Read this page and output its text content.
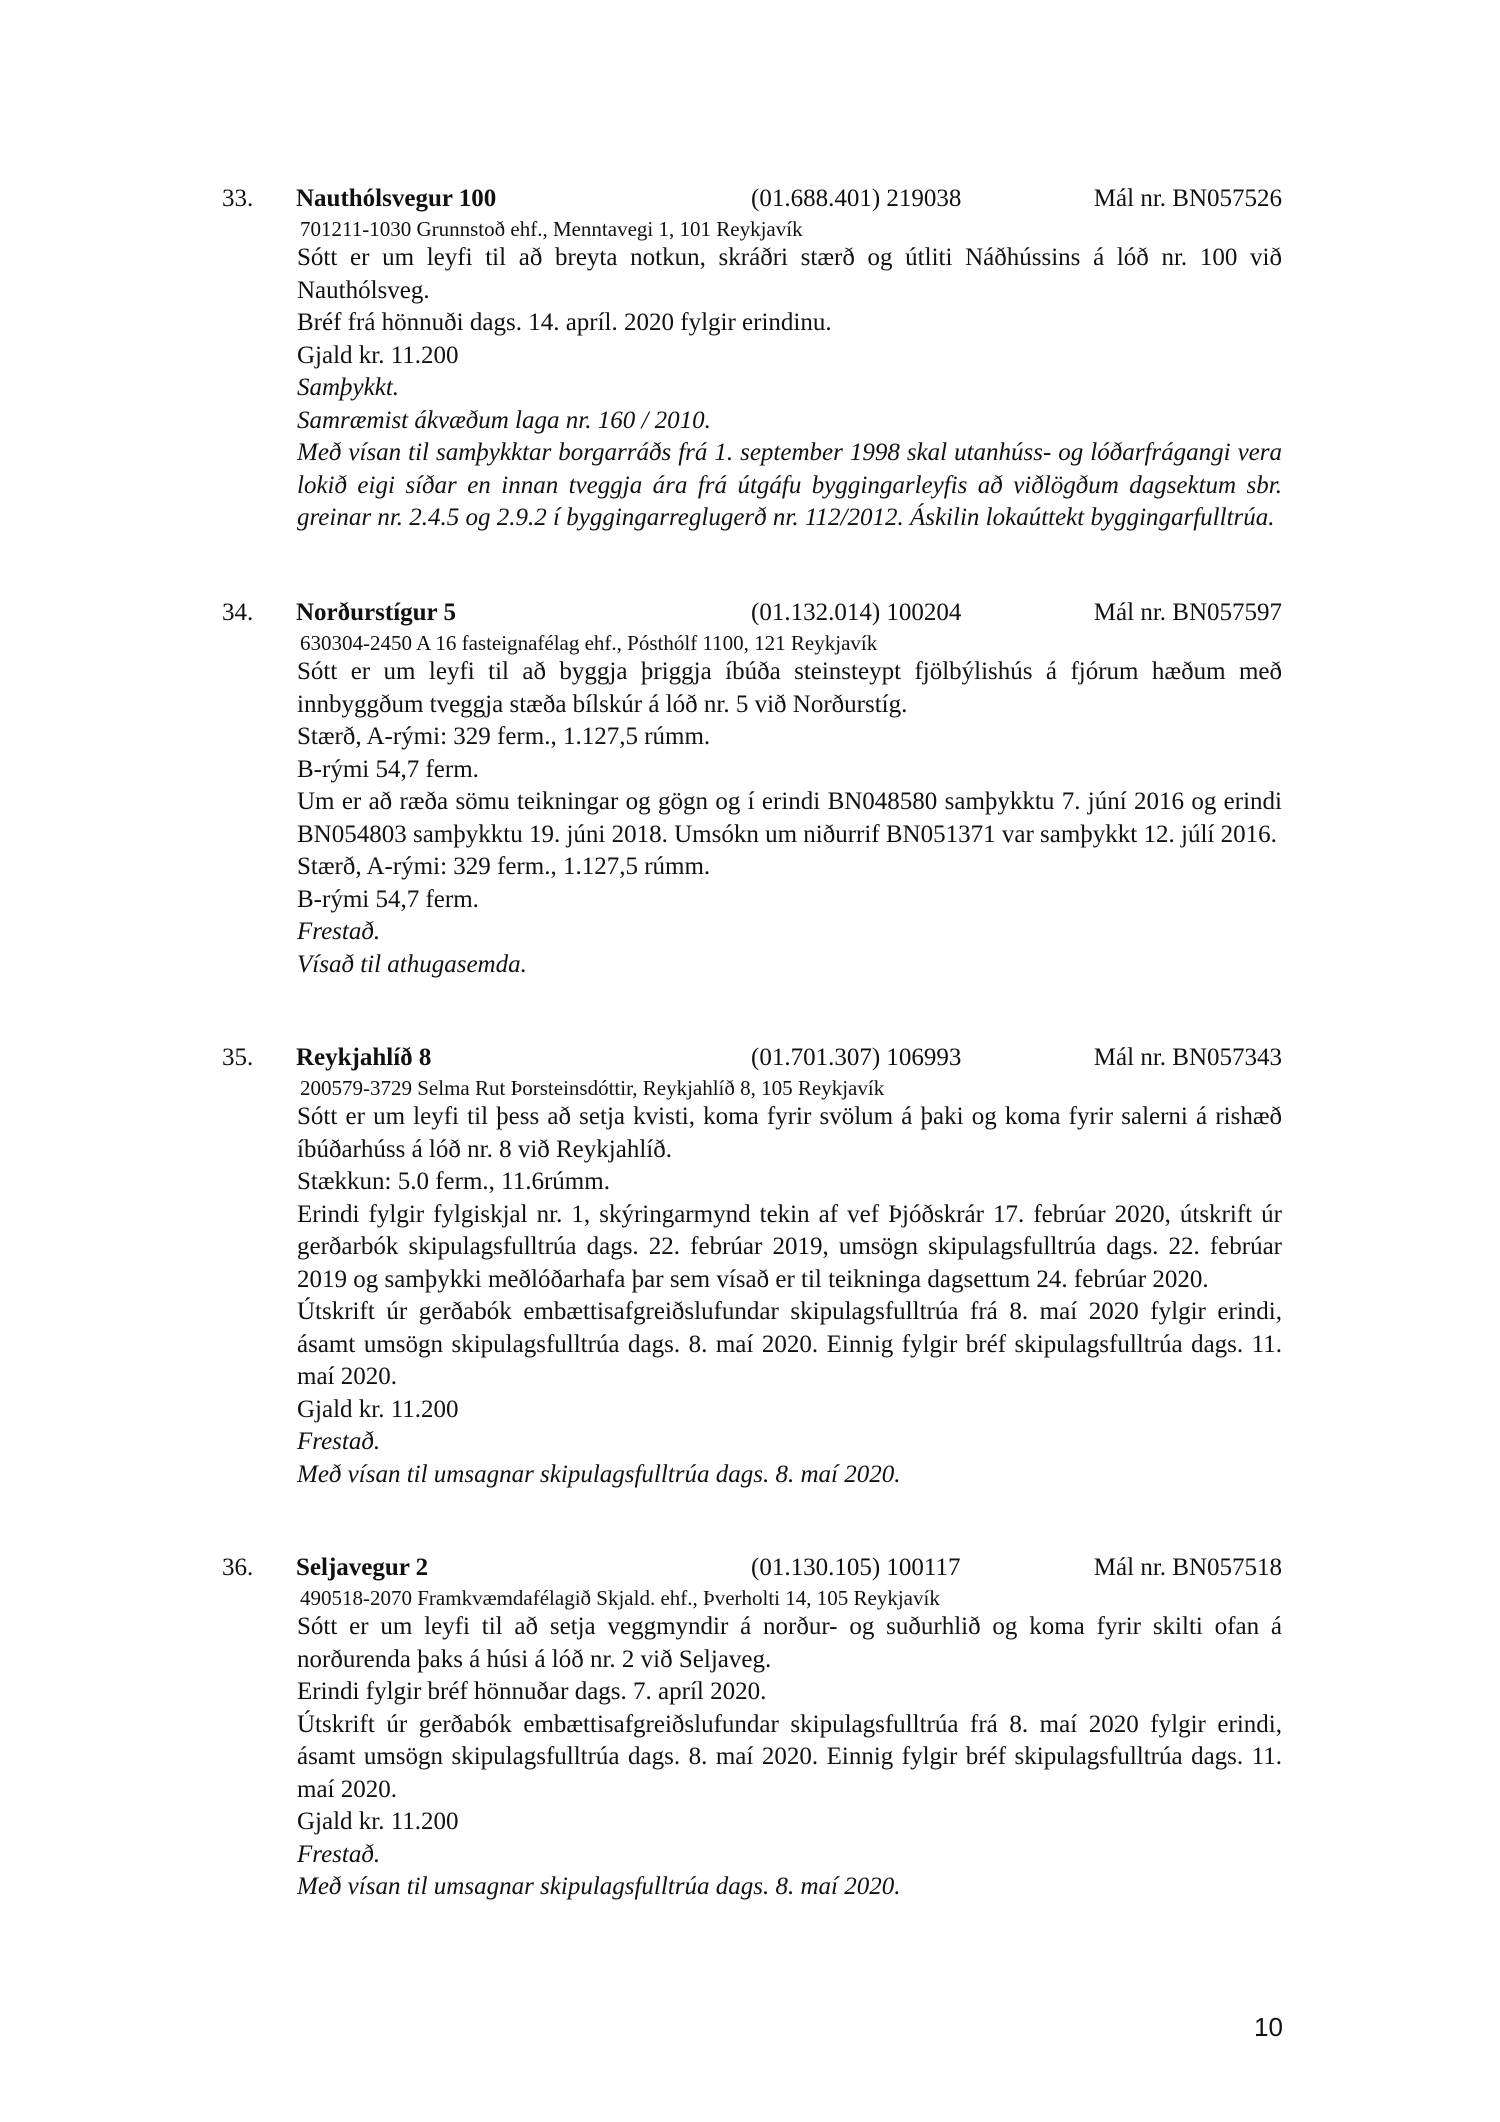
33. Nauthólsvegur 100	(01.688.401) 219038	Mál nr. BN057526
701211-1030 Grunnstoð ehf., Menntavegi 1, 101 Reykjavík

Sótt er um leyfi til að breyta notkun, skráðri stærð og útliti Náðhússins á lóð nr. 100 við Nauthólsveg.

Bréf frá hönnuði dags. 14. apríl. 2020 fylgir erindinu.

Gjald kr. 11.200

Samþykkt.

Samræmist ákvæðum laga nr. 160 / 2010.

Með vísan til samþykktar borgarráðs frá 1. september 1998 skal utanhúss- og lóðarfrágangi vera lokið eigi síðar en innan tveggja ára frá útgáfu byggingarleyfis að viðlögðum dagsektum sbr. greinar nr. 2.4.5 og 2.9.2 í byggingarreglugerð nr. 112/2012. Áskilin lokaúttekt byggingarfulltrúa.

34. Norðurstígur 5	(01.132.014) 100204	Mál nr. BN057597
630304-2450 A 16 fasteignafélag ehf., Pósthólf 1100, 121 Reykjavík

Sótt er um leyfi til að byggja þriggja íbúða steinsteypt fjölbýlishús á fjórum hæðum með innbyggðum tveggja stæða bílskúr á lóð nr. 5 við Norðurstíg.

Stærð, A-rými: 329 ferm., 1.127,5 rúmm.

B-rými 54,7 ferm.

Um er að ræða sömu teikningar og gögn og í erindi BN048580 samþykktu 7. júní 2016 og erindi BN054803 samþykktu 19. júni 2018. Umsókn um niðurrif BN051371 var samþykkt 12. júlí 2016.

Stærð, A-rými: 329 ferm., 1.127,5 rúmm.

B-rými 54,7 ferm.

Frestað.

Vísað til athugasemda.

35. Reykjahlíð 8	(01.701.307) 106993	Mál nr. BN057343
200579-3729 Selma Rut Þorsteinsdóttir, Reykjahlíð 8, 105 Reykjavík

Sótt er um leyfi til þess að setja kvisti, koma fyrir svölum á þaki og koma fyrir salerni á rishæð íbúðarhúss á lóð nr. 8 við Reykjahlíð.

Stækkun: 5.0 ferm., 11.6rúmm.

Erindi fylgir fylgiskjal nr. 1, skýringarmynd tekin af vef Þjóðskrár 17. febrúar 2020, útskrift úr gerðarbók skipulagsfulltrúa dags. 22. febrúar 2019, umsögn skipulagsfulltrúa dags. 22. febrúar 2019 og samþykki meðlóðarhafa þar sem vísað er til teikninga dagsettum 24. febrúar 2020.

Útskrift úr gerðabók embættisafgreiðslufundar skipulagsfulltrúa frá 8. maí 2020 fylgir erindi, ásamt umsögn skipulagsfulltrúa dags. 8. maí 2020. Einnig fylgir bréf skipulagsfulltrúa dags. 11. maí 2020.

Gjald kr. 11.200

Frestað.

Með vísan til umsagnar skipulagsfulltrúa dags. 8. maí 2020.

36. Seljavegur 2	(01.130.105) 100117	Mál nr. BN057518
490518-2070 Framkvæmdafélagið Skjald. ehf., Þverholti 14, 105 Reykjavík

Sótt er um leyfi til að setja veggmyndir á norður- og suðurhlið og koma fyrir skilti ofan á norðurenda þaks á húsi á lóð nr. 2 við Seljaveg.

Erindi fylgir bréf hönnuðar dags. 7. apríl 2020.

Útskrift úr gerðabók embættisafgreiðslufundar skipulagsfulltrúa frá 8. maí 2020 fylgir erindi, ásamt umsögn skipulagsfulltrúa dags. 8. maí 2020. Einnig fylgir bréf skipulagsfulltrúa dags. 11. maí 2020.

Gjald kr. 11.200

Frestað.

Með vísan til umsagnar skipulagsfulltrúa dags. 8. maí 2020.

10
